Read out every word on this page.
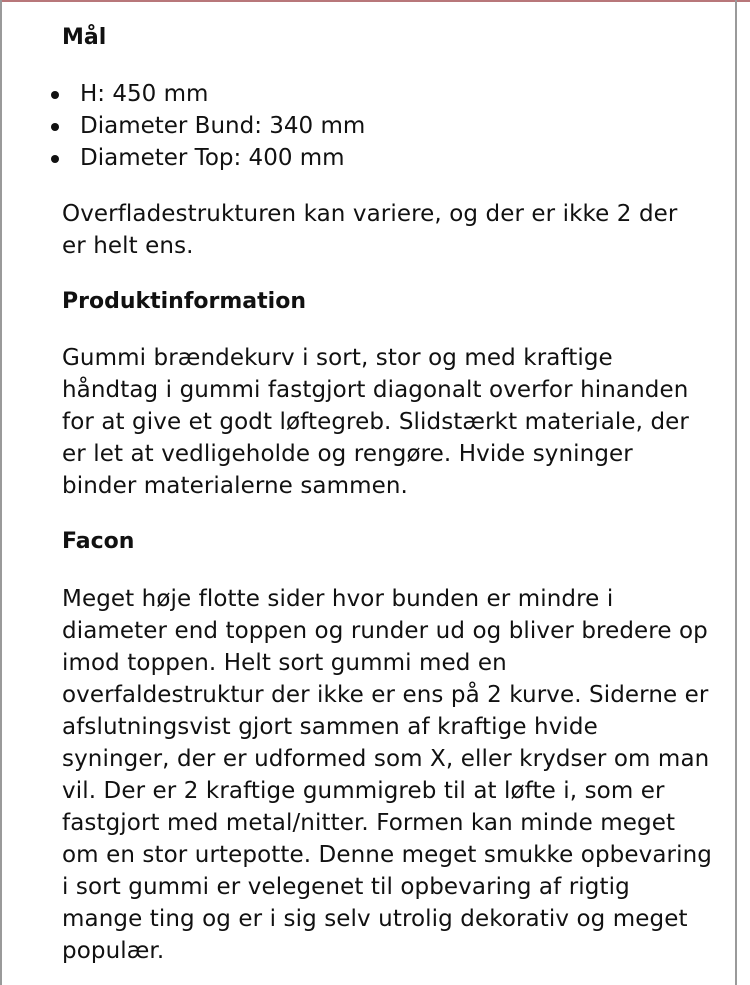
Mål
H: 450 mm
Diameter Bund: 340 mm
Diameter Top: 400 mm

Overfladestrukturen kan variere, og der er ikke 2 der er helt ens.

Produktinformation

Gummi brændekurv i sort, stor og med kraftige håndtag i gummi fastgjort diagonalt overfor hinanden for at give et godt løftegreb. Slidstærkt materiale, der er let at vedligeholde og rengøre. Hvide syninger binder materialerne sammen.

Facon

Meget høje flotte sider hvor bunden er mindre i diameter end toppen og runder ud og bliver bredere op imod toppen. Helt sort gummi med en overfaldestruktur der ikke er ens på 2 kurve. Siderne er afslutningsvist gjort sammen af kraftige hvide syninger, der er udformed som X, eller krydser om man vil. Der er 2 kraftige gummigreb til at løfte i, som er fastgjort med metal/nitter. Formen kan minde meget om en stor urtepotte. Denne meget smukke opbevaring i sort gummi er velegenet til opbevaring af rigtig mange ting og er i sig selv utrolig dekorativ og meget populær.
